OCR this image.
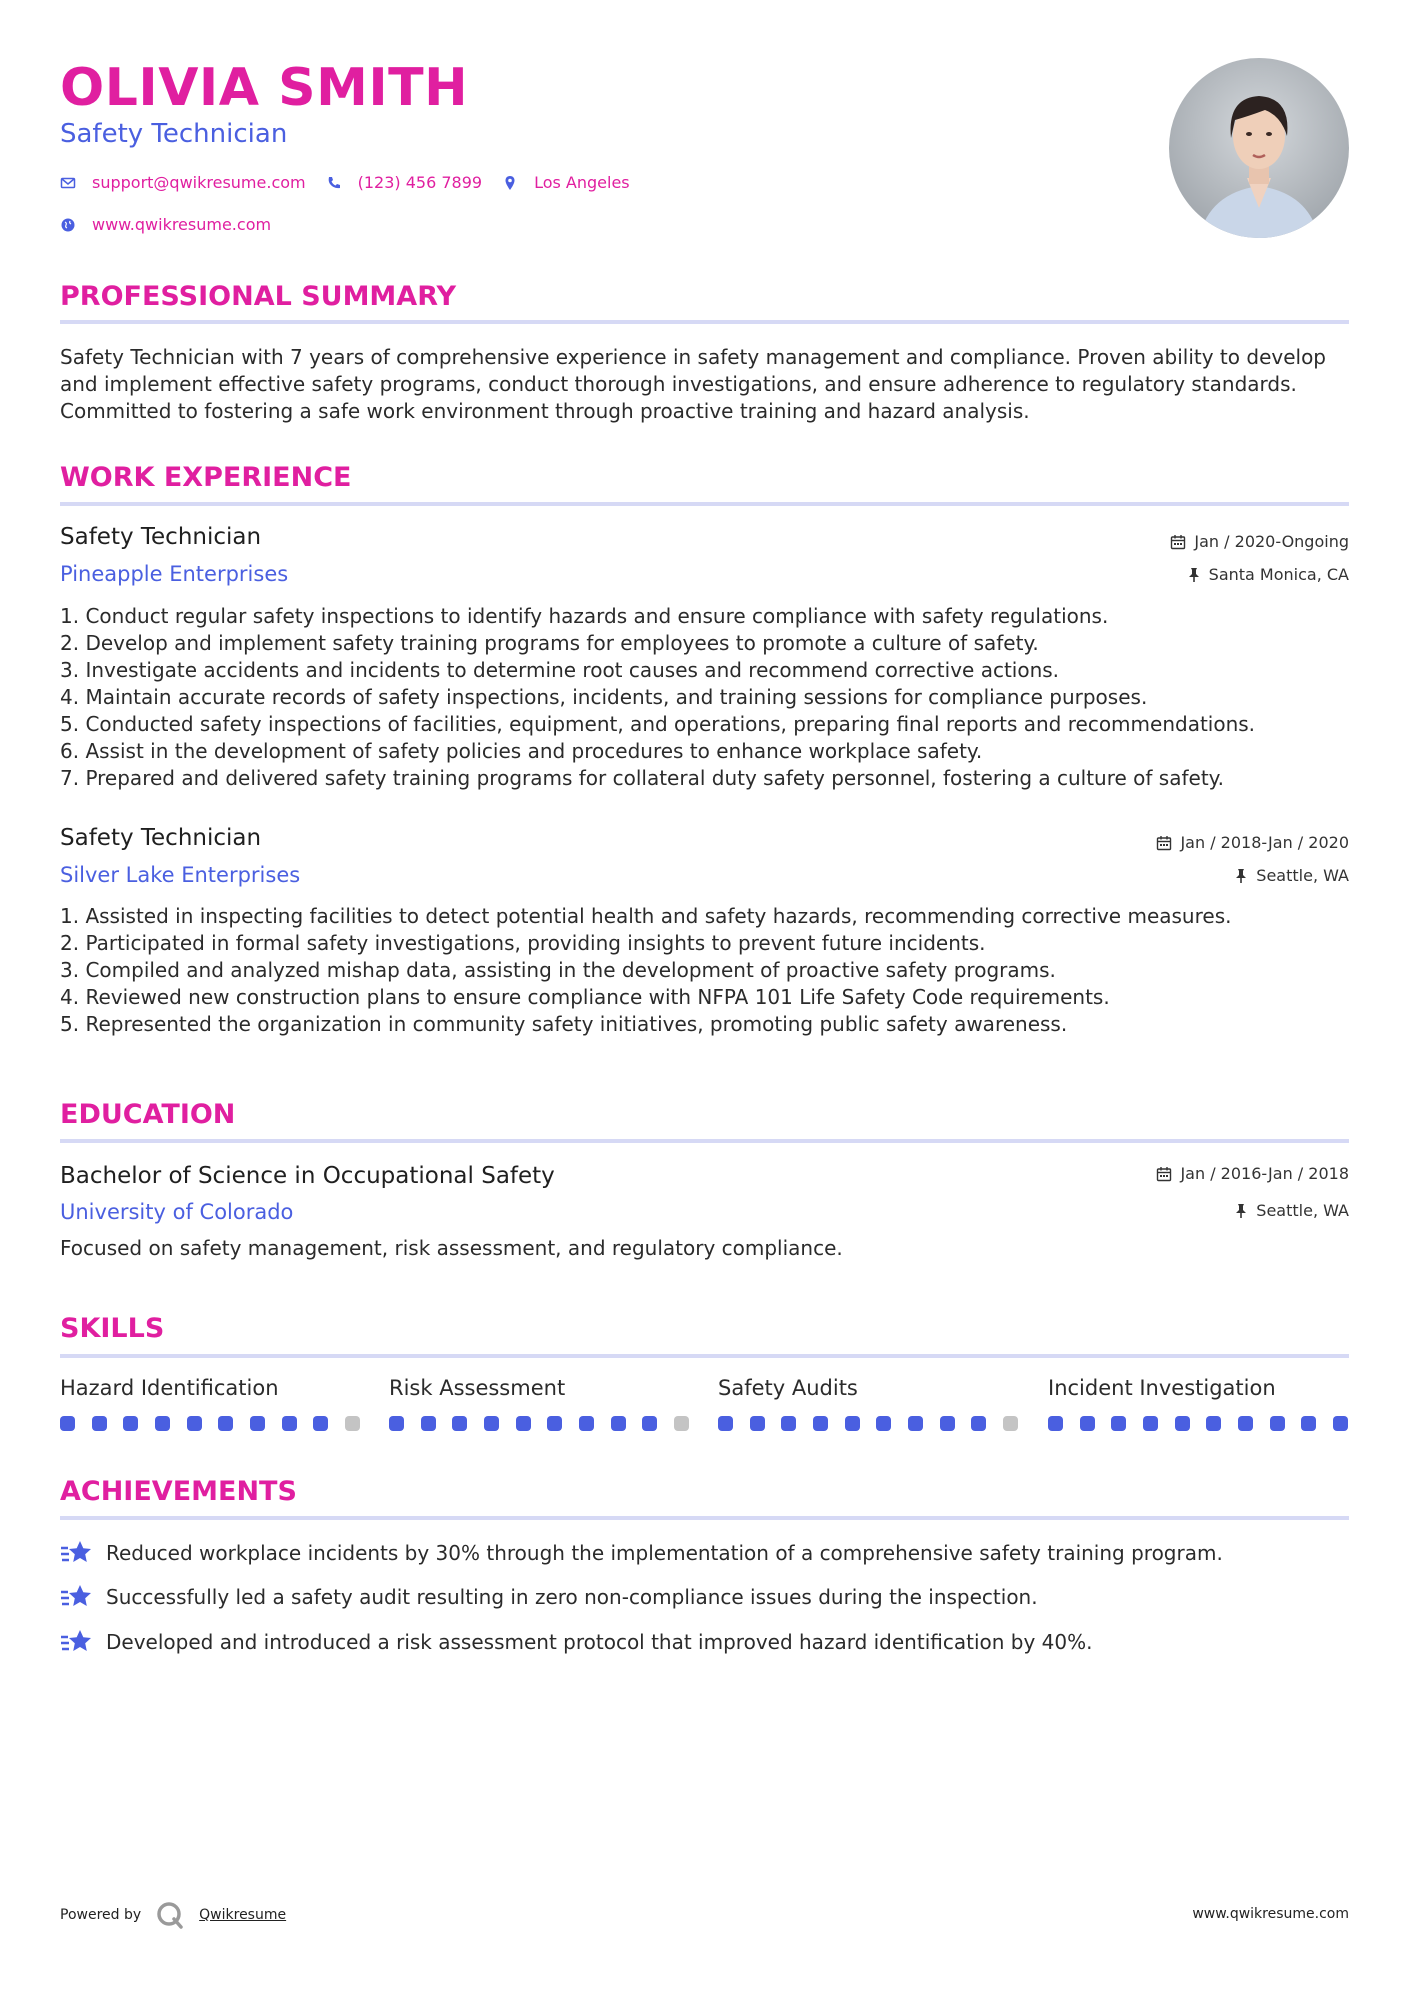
OLIVIA SMITH
Safety Technician
support@qwikresume.com	(123) 456 7899	Los Angeles
www.qwikresume.com
PROFESSIONAL SUMMARY
Safety Technician with 7 years of comprehensive experience in safety management and compliance. Proven ability to develop and implement effective safety programs, conduct thorough investigations, and ensure adherence to regulatory standards. Committed to fostering a safe work environment through proactive training and hazard analysis.
WORK EXPERIENCE
Safety Technician
Pineapple Enterprises
Jan / 2020-Ongoing
Santa Monica, CA
1. Conduct regular safety inspections to identify hazards and ensure compliance with safety regulations.
2. Develop and implement safety training programs for employees to promote a culture of safety.
3. Investigate accidents and incidents to determine root causes and recommend corrective actions.
4. Maintain accurate records of safety inspections, incidents, and training sessions for compliance purposes.
5. Conducted safety inspections of facilities, equipment, and operations, preparing final reports and recommendations.
6. Assist in the development of safety policies and procedures to enhance workplace safety.
7. Prepared and delivered safety training programs for collateral duty safety personnel, fostering a culture of safety.
Safety Technician
Silver Lake Enterprises
Jan / 2018-Jan / 2020
Seattle, WA
1. Assisted in inspecting facilities to detect potential health and safety hazards, recommending corrective measures.
2. Participated in formal safety investigations, providing insights to prevent future incidents.
3. Compiled and analyzed mishap data, assisting in the development of proactive safety programs.
4. Reviewed new construction plans to ensure compliance with NFPA 101 Life Safety Code requirements.
5. Represented the organization in community safety initiatives, promoting public safety awareness.
EDUCATION
Bachelor of Science in Occupational Safety
University of Colorado
Jan / 2016-Jan / 2018
Seattle, WA
Focused on safety management, risk assessment, and regulatory compliance.
SKILLS
Hazard Identification	Risk Assessment	Safety Audits	Incident Investigation
ACHIEVEMENTS
Reduced workplace incidents by 30% through the implementation of a comprehensive safety training program.
Successfully led a safety audit resulting in zero non-compliance issues during the inspection.
Developed and introduced a risk assessment protocol that improved hazard identification by 40%.
Powered by	Qwikresume	www.qwikresume.com
